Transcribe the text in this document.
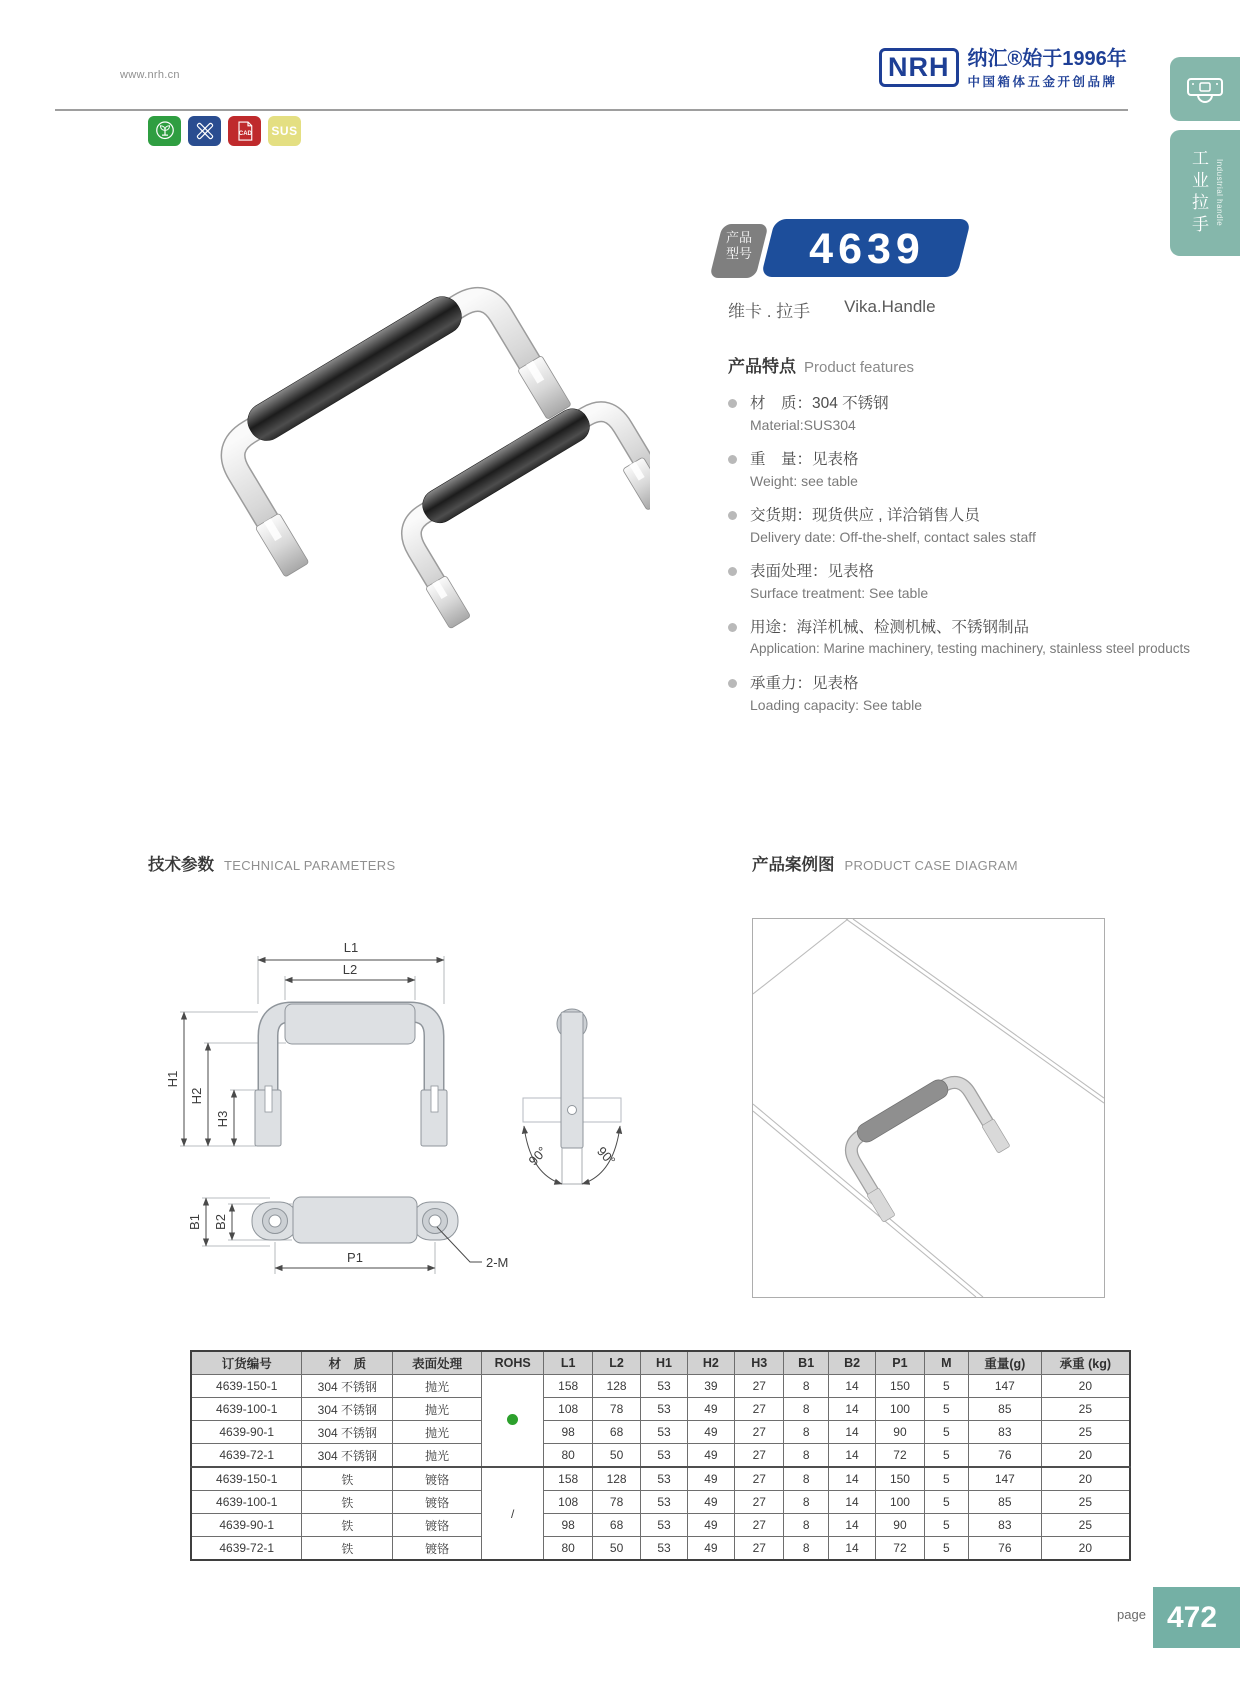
www.nrh.cn	NRH 纳汇®始于1996年
中国箱体五金开创品牌
CAD SUS
工业拉手 Industrial handle
产品
型号	4639
维卡 . 拉手 Vika.Handle
产品特点 Product features
材　质：304 不锈钢
Material:SUS304
重　量：见表格
Weight: see table
交货期：现货供应 , 详洽销售人员
Delivery date: Off-the-shelf, contact sales staff
表面处理：见表格
Surface treatment: See table
用途：海洋机械、检测机械、不锈钢制品
Application: Marine machinery, testing machinery, stainless steel products
承重力：见表格
Loading capacity: See table
技术参数 TECHNICAL PARAMETERS	产品案例图 PRODUCT CASE DIAGRAM
90°	90°
L1
L2
H1
H2
H3
B1 B2
P1	2-M
订货编号	材　质	表面处理	ROHS	L1	L2	H1	H2	H3	B1	B2	P1	M	重量(g)	承重 (kg)
4639-150-1	304 不锈钢	抛光		158	128	53	39	27	8	14	150	5	147	20
4639-100-1	304 不锈钢	抛光		108	78	53	49	27	8	14	100	5	85	25
4639-90-1	304 不锈钢	抛光		98	68	53	49	27	8	14	90	5	83	25
4639-72-1	304 不锈钢	抛光		80	50	53	49	27	8	14	72	5	76	20
4639-150-1	铁	镀铬	/	158	128	53	49	27	8	14	150	5	147	20
4639-100-1	铁	镀铬		108	78	53	49	27	8	14	100	5	85	25
4639-90-1	铁	镀铬		98	68	53	49	27	8	14	90	5	83	25
4639-72-1	铁	镀铬		80	50	53	49	27	8	14	72	5	76	20
page 472
